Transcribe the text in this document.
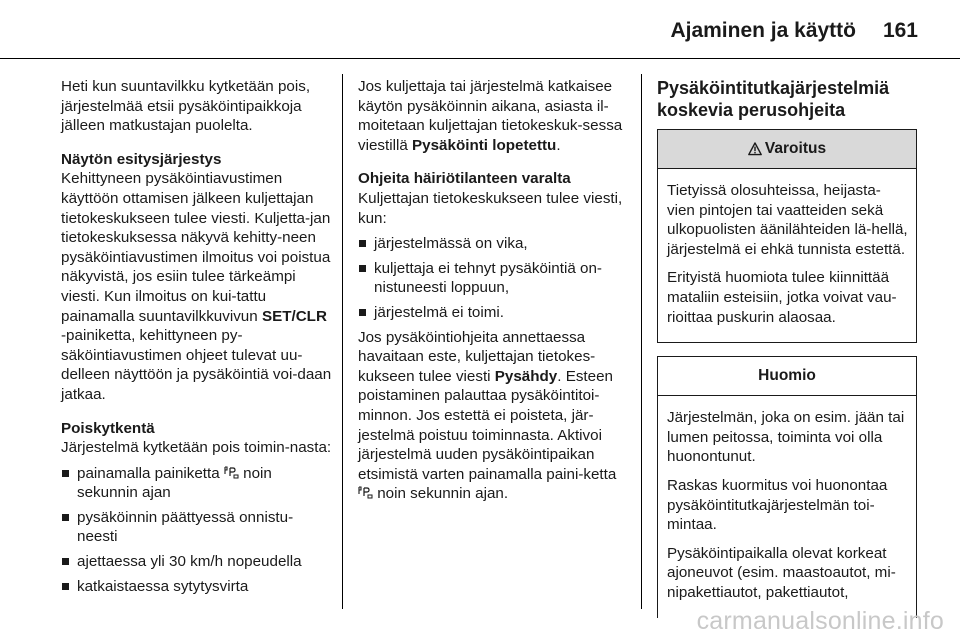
Ajaminen ja käyttö 161

Heti kun suuntavilkku kytketään pois, järjestelmää etsii pysäköintipaikkoja jälleen matkustajan puolelta.

Näytön esitysjärjestys

Kehittyneen pysäköintiavustimen käyttöön ottamisen jälkeen kuljettajan tietokeskukseen tulee viesti. Kuljetta-jan tietokeskuksessa näkyvä kehitty-neen pysäköintiavustimen ilmoitus voi poistua näkyvistä, jos esiin tulee tärkeämpi viesti. Kun ilmoitus on kui-tattu painamalla suuntavilkkuvivun SET/CLR -painiketta, kehittyneen py-säköintiavustimen ohjeet tulevat uu-delleen näyttöön ja pysäköintiä voi-daan jatkaa.

Poiskytkentä

Järjestelmä kytketään pois toimin-nasta:

painamalla painiketta  noin sekunnin ajan
pysäköinnin päättyessä onnistu-neesti
ajettaessa yli 30 km/h nopeudella
katkaistaessa sytytysvirta

Jos kuljettaja tai järjestelmä katkaisee käytön pysäköinnin aikana, asiasta il-moitetaan kuljettajan tietokeskuk-sessa viestillä Pysäköinti lopetettu.

Ohjeita häiriötilanteen varalta

Kuljettajan tietokeskukseen tulee viesti, kun:

järjestelmässä on vika,
kuljettaja ei tehnyt pysäköintiä on-nistuneesti loppuun,
järjestelmä ei toimi.

Jos pysäköintiohjeita annettaessa havaitaan este, kuljettajan tietokes-kukseen tulee viesti Pysähdy. Esteen poistaminen palauttaa pysäköintitoi-minnon. Jos estettä ei poisteta, jär-jestelmä poistuu toiminnasta. Aktivoi järjestelmä uuden pysäköintipaikan etsimistä varten painamalla paini-ketta  noin sekunnin ajan.

Pysäköintitutkajärjestelmiä koskevia perusohjeita
Varoitus

Tietyissä olosuhteissa, heijasta-vien pintojen tai vaatteiden sekä ulkopuolisten äänilähteiden lä-hellä, järjestelmä ei ehkä tunnista estettä.

Erityistä huomiota tulee kiinnittää mataliin esteisiin, jotka voivat vau-rioittaa puskurin alaosaa.

Huomio

Järjestelmän, joka on esim. jään tai lumen peitossa, toiminta voi olla huonontunut.

Raskas kuormitus voi huonontaa pysäköintitutkajärjestelmän toi-mintaa.

Pysäköintipaikalla olevat korkeat ajoneuvot (esim. maastoautot, mi-nipakettiautot, pakettiautot,

carmanualsonline.info
